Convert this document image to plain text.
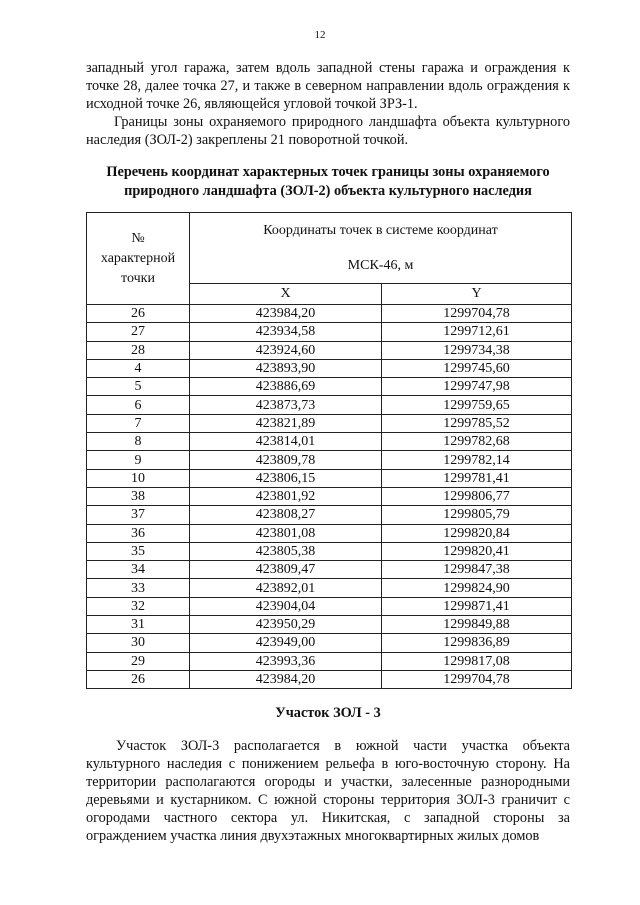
12

западный угол гаража, затем вдоль западной стены гаража и ограждения к точке 28, далее точка 27, и также в северном направлении вдоль ограждения к исходной точке 26, являющейся угловой точкой ЗРЗ-1.

Границы зоны охраняемого природного ландшафта объекта культурного наследия (ЗОЛ-2) закреплены 21 поворотной точкой.

Перечень координат характерных точек границы зоны охраняемого природного ландшафта (ЗОЛ-2) объекта культурного наследия

№
характерной
точки	Координаты точек в системе координат
МСК-46, м	
	X	Y
26	423984,20	1299704,78
27	423934,58	1299712,61
28	423924,60	1299734,38
4	423893,90	1299745,60
5	423886,69	1299747,98
6	423873,73	1299759,65
7	423821,89	1299785,52
8	423814,01	1299782,68
9	423809,78	1299782,14
10	423806,15	1299781,41
38	423801,92	1299806,77
37	423808,27	1299805,79
36	423801,08	1299820,84
35	423805,38	1299820,41
34	423809,47	1299847,38
33	423892,01	1299824,90
32	423904,04	1299871,41
31	423950,29	1299849,88
30	423949,00	1299836,89
29	423993,36	1299817,08
26	423984,20	1299704,78

Участок ЗОЛ - 3

Участок ЗОЛ-3 располагается в южной части участка объекта культурного наследия с понижением рельефа в юго-восточную сторону. На территории располагаются огороды и участки, залесенные разнородными деревьями и кустарником. С южной стороны территория ЗОЛ-3 граничит с огородами частного сектора ул. Никитская, с западной стороны за ограждением участка линия двухэтажных многоквартирных жилых домов
